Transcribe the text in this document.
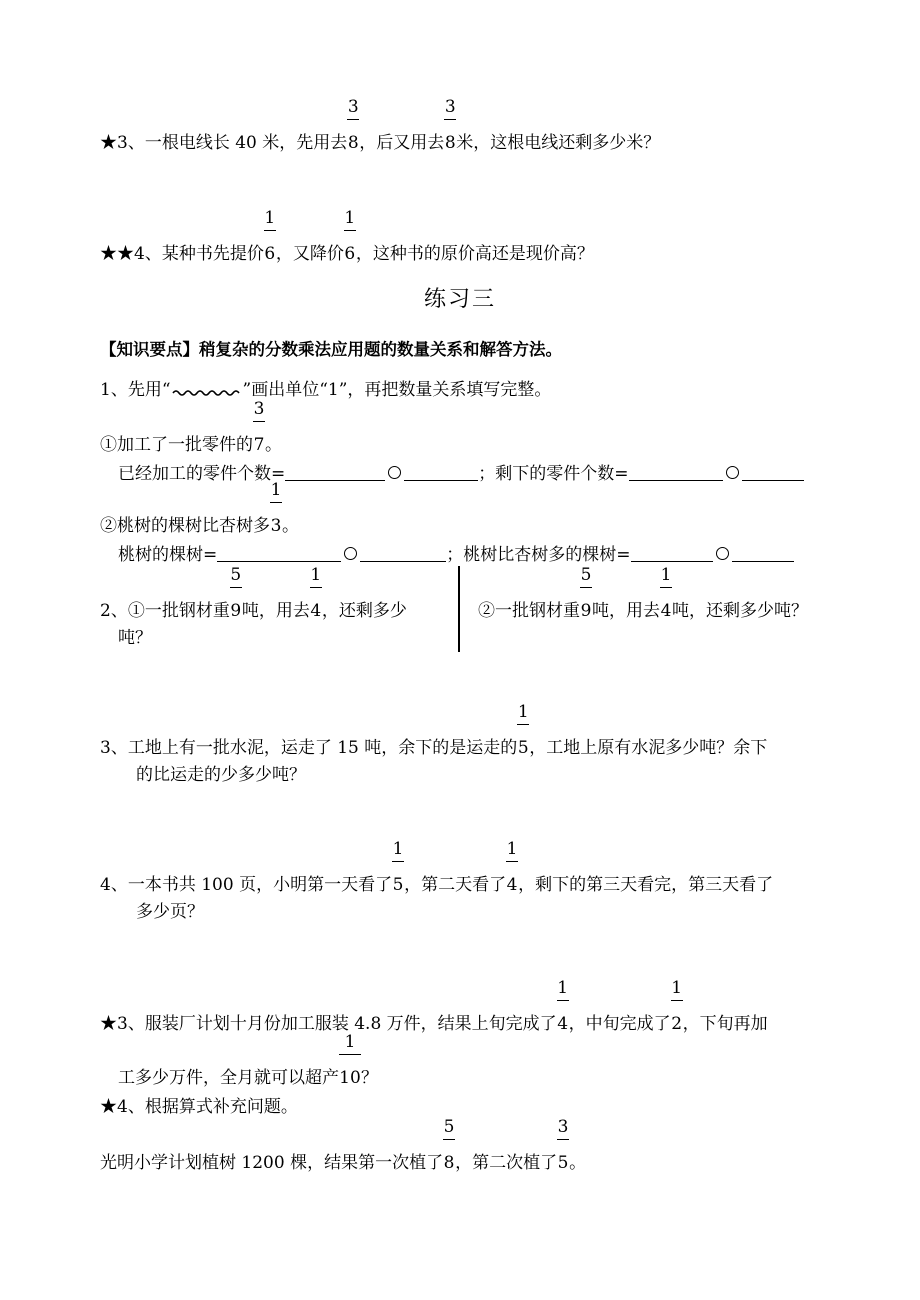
★3、一根电线长 40 米，先用去 $\frac{3}{8}$，后又用去 $\frac{3}{8}$米，这根电线还剩多少米？
★★4、某种书先提价 $\frac{1}{6}$，又降价 $\frac{1}{6}$，这种书的原价高还是现价高？
练习三
【知识要点】稍复杂的分数乘法应用题的数量关系和解答方法。
1、先用“	”画出单位“1”，再把数量关系填写完整。
①加工了一批零件的 $\frac{3}{7}$。
已经加工的零件个数=	；剩下的零件个数=
②桃树的棵树比杏树多 $\frac{1}{3}$。
桃树的棵树=	；桃树比杏树多的棵树=
2、①一批钢材重 $\frac{5}{9}$吨，用去 $\frac{1}{4}$，还剩多少
吨？
②一批钢材重 $\frac{5}{9}$吨，用去 $\frac{1}{4}$吨，还剩多少吨？
3、工地上有一批水泥，运走了 15 吨，余下的是运走的 $\frac{1}{5}$，工地上原有水泥多少吨？余下
的比运走的少多少吨？
4、一本书共 100 页，小明第一天看了 $\frac{1}{5}$，第二天看了 $\frac{1}{4}$，剩下的第三天看完，第三天看了
多少页？
★3、服装厂计划十月份加工服装 4.8 万件，结果上旬完成了 $\frac{1}{4}$，中旬完成了 $\frac{1}{2}$，下旬再加
工多少万件，全月就可以超产 $\frac{1}{10}$？
★4、根据算式补充问题。
光明小学计划植树 1200 棵，结果第一次植了 $\frac{5}{8}$，第二次植了 $\frac{3}{5}$。
